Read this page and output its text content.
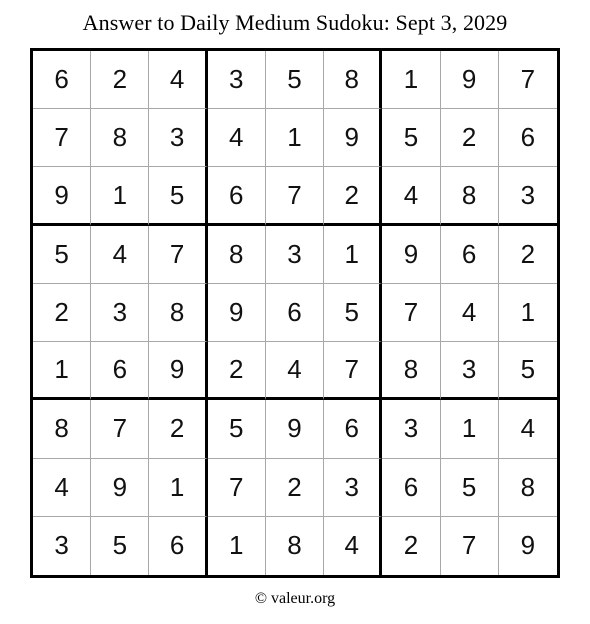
Answer to Daily Medium Sudoku: Sept 3, 2029
6	2	4	3	5	8	1	9	7
7	8	3	4	1	9	5	2	6
9	1	5	6	7	2	4	8	3
5	4	7	8	3	1	9	6	2
2	3	8	9	6	5	7	4	1
1	6	9	2	4	7	8	3	5
8	7	2	5	9	6	3	1	4
4	9	1	7	2	3	6	5	8
3	5	6	1	8	4	2	7	9
© valeur.org
